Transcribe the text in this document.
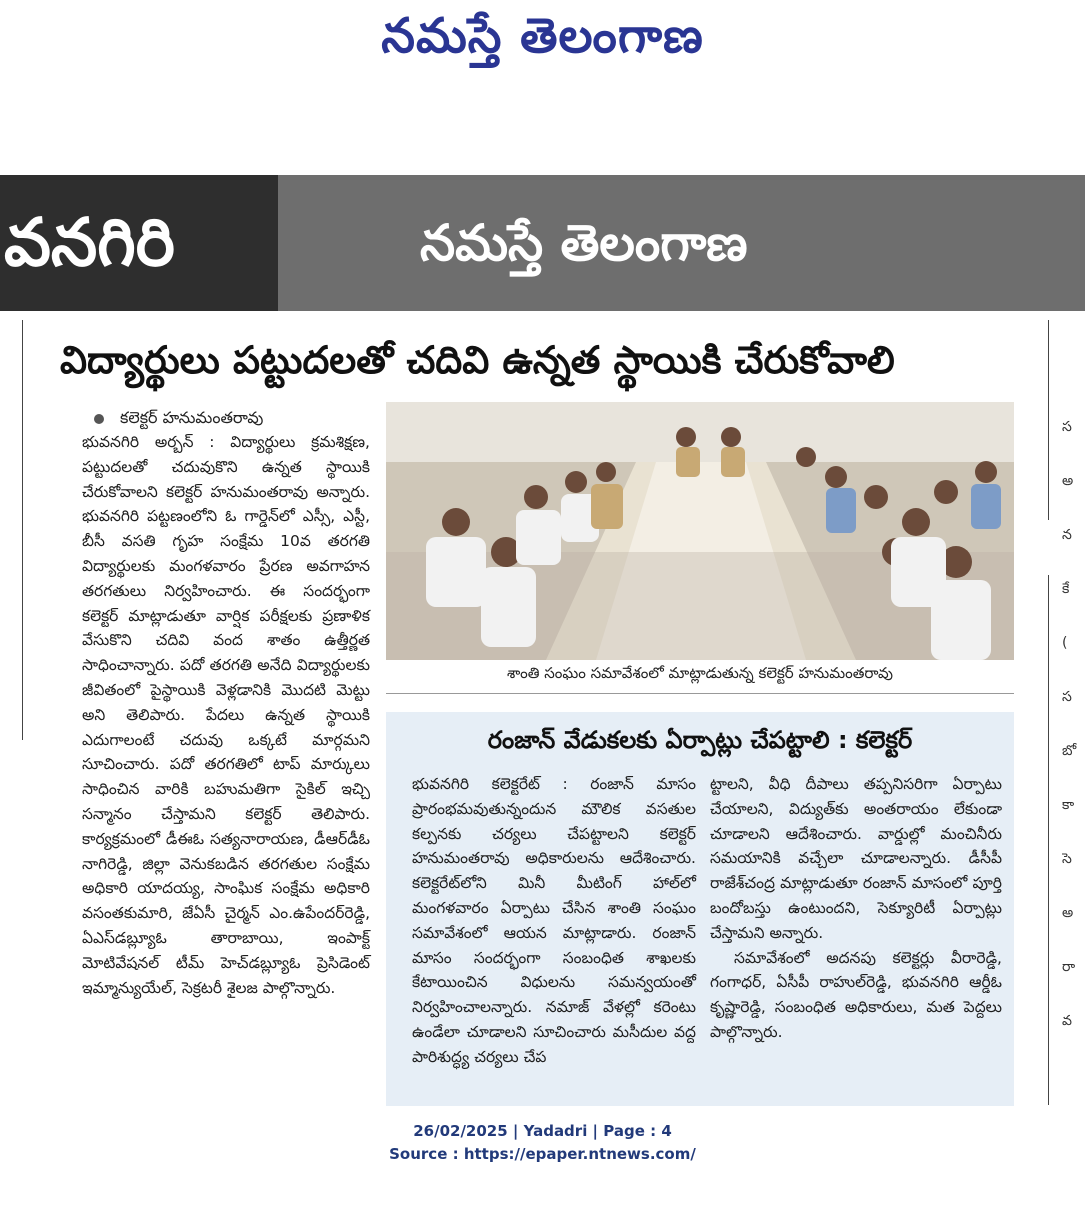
నమస్తే తెలంగాణ
వనగిరి	నమస్తే తెలంగాణ
విద్యార్థులు పట్టుదలతో చదివి ఉన్నత స్థాయికి చేరుకోవాలి
కలెక్టర్ హనుమంతరావు
భువనగిరి అర్బన్ : విద్యార్థులు క్రమశిక్షణ, పట్టుదలతో చదువుకొని ఉన్నత స్థాయికి చేరుకోవాలని కలెక్టర్ హనుమంతరావు అన్నారు. భువనగిరి పట్టణంలోని ఓ గార్డెన్‌లో ఎస్సీ, ఎస్టీ, బీసీ వసతి గృహ సంక్షేమ 10వ తరగతి విద్యార్థులకు మంగళవారం ప్రేరణ అవగాహన తరగతులు నిర్వహించారు. ఈ సందర్భంగా కలెక్టర్ మాట్లాడుతూ వార్షిక పరీక్షలకు ప్రణాళిక వేసుకొని చదివి వంద శాతం ఉత్తీర్ణత సాధించాన్నారు. పదో తరగతి అనేది విద్యార్థులకు జీవితంలో పైస్థాయికి వెళ్లడానికి మొదటి మెట్టు అని తెలిపారు. పేదలు ఉన్నత స్థాయికి ఎదుగాలంటే చదువు ఒక్కటే మార్గమని సూచించారు. పదో తరగతిలో టాప్ మార్కులు సాధించిన వారికి బహుమతిగా సైకిల్ ఇచ్చి సన్మానం చేస్తామని కలెక్టర్ తెలిపారు. కార్యక్రమంలో డీఈఓ సత్యనారాయణ, డీఆర్‌డీఓ నాగిరెడ్డి, జిల్లా వెనుకబడిన తరగతుల సంక్షేమ అధికారి యాదయ్య, సాంఘిక సంక్షేమ అధికారి వసంతకుమారి, జేఏసీ చైర్మన్ ఎం.ఉపేందర్‌రెడ్డి, ఏఎస్‌డబ్ల్యూఓ తారాబాయి, ఇంపాక్ట్ మోటివేషనల్ టీమ్ హెచ్‌డబ్ల్యూఓ ప్రెసిడెంట్ ఇమ్మాన్యుయేల్, సెక్రటరీ శైలజ పాల్గొన్నారు.
శాంతి సంఘం సమావేశంలో మాట్లాడుతున్న కలెక్టర్ హనుమంతరావు
రంజాన్ వేడుకలకు ఏర్పాట్లు చేపట్టాలి : కలెక్టర్
భువనగిరి కలెక్టరేట్ : రంజాన్ మాసం ప్రారంభమవుతున్నందున మౌలిక వసతుల కల్పనకు చర్యలు చేపట్టాలని కలెక్టర్ హనుమంతరావు అధికారులను ఆదేశించారు. కలెక్టరేట్‌లోని మినీ మీటింగ్ హాల్‌లో మంగళవారం ఏర్పాటు చేసిన శాంతి సంఘం సమావేశంలో ఆయన మాట్లాడారు. రంజాన్ మాసం సందర్భంగా సంబంధిత శాఖలకు కేటాయించిన విధులను సమన్వయంతో నిర్వహించాలన్నారు. నమాజ్ వేళల్లో కరెంటు ఉండేలా చూడాలని సూచించారు మసీదుల వద్ద పారిశుద్ధ్య చర్యలు చేప
ట్టాలని, వీధి దీపాలు తప్పనిసరిగా ఏర్పాటు చేయాలని, విద్యుత్‌కు అంతరాయం లేకుండా చూడాలని ఆదేశించారు. వార్డుల్లో మంచినీరు సమయానికి వచ్చేలా చూడాలన్నారు. డీసీపీ రాజేశ్‌చంద్ర మాట్లాడుతూ రంజాన్ మాసంలో పూర్తి బందోబస్తు ఉంటుందని, సెక్యూరిటీ ఏర్పాట్లు చేస్తామని అన్నారు.
సమావేశంలో అదనపు కలెక్టర్లు వీరారెడ్డి, గంగాధర్, ఏసీపీ రాహుల్‌రెడ్డి, భువనగిరి ఆర్డీఓ కృష్ణారెడ్డి, సంబంధిత అధికారులు, మత పెద్దలు పాల్గొన్నారు.
స
అ
న
కే
(
స
బో
కా
సె
అ
రా
వ
26/02/2025 | Yadadri | Page : 4
Source : https://epaper.ntnews.com/
